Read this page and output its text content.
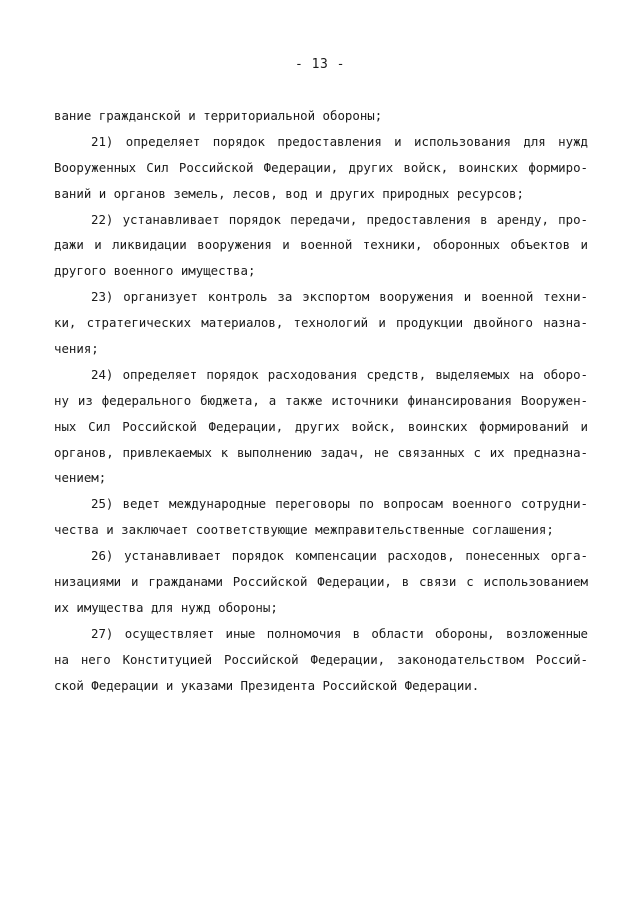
- 13 -
вание гражданской и территориальной обороны;
21) определяет порядок предоставления и использования для нужд
Вооруженных Сил Российской Федерации, других войск, воинских формиро-
ваний и органов земель, лесов, вод и других природных ресурсов;
22) устанавливает порядок передачи, предоставления в аренду, про-
дажи и ликвидации вооружения и военной техники, оборонных объектов и
другого военного имущества;
23) организует контроль за экспортом вооружения и военной техни-
ки, стратегических материалов, технологий и продукции двойного назна-
чения;
24) определяет порядок расходования средств, выделяемых на оборо-
ну из федерального бюджета, а также источники финансирования Вооружен-
ных Сил Российской Федерации, других войск, воинских формирований и
органов, привлекаемых к выполнению задач, не связанных с их предназна-
чением;
25) ведет международные переговоры по вопросам военного сотрудни-
чества и заключает соответствующие межправительственные соглашения;
26) устанавливает порядок компенсации расходов, понесенных орга-
низациями и гражданами Российской Федерации, в связи с использованием
их имущества для нужд обороны;
27) осуществляет иные полномочия в области обороны, возложенные
на него Конституцией Российской Федерации, законодательством Россий-
ской Федерации и указами Президента Российской Федерации.
